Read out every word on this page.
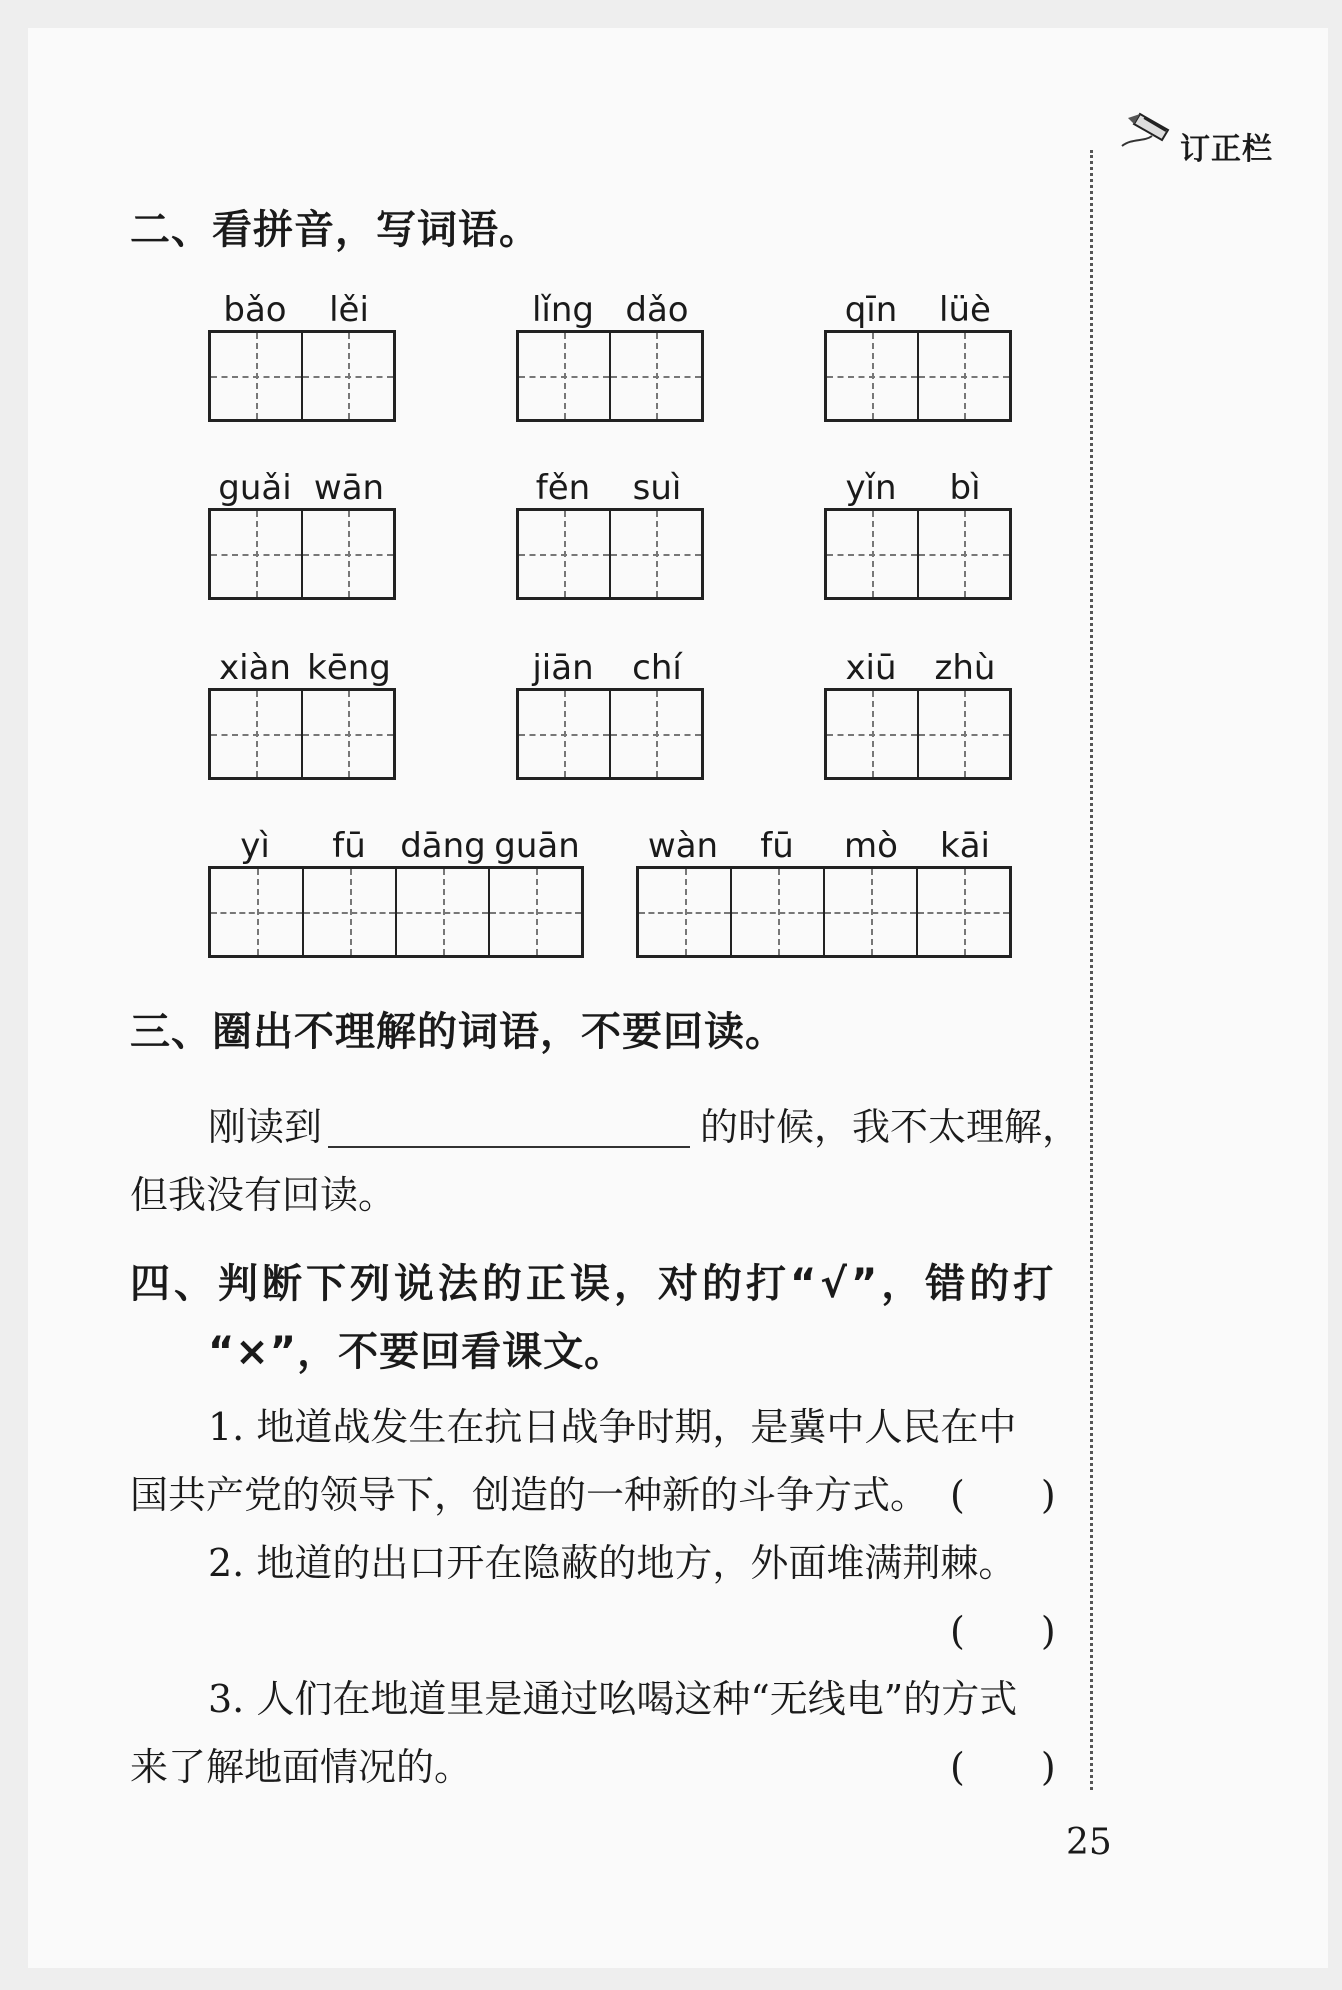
订正栏
二、看拼音，写词语。
bǎo	lěi	lǐng dǎo	qīn	lüè
guǎi wān	fěn	suì	yǐn	bì
xiàn kēng	jiān	chí	xiū	zhù
yì	fū	dāng guān	wàn	fū	mò	kāi
三、圈出不理解的词语，不要回读。
刚读到	的时候，我不太理解，
但我没有回读。
四、判断下列说法的正误，对的打“√”，错的打
“×”，不要回看课文。
1. 地道战发生在抗日战争时期，是冀中人民在中
国共产党的领导下，创造的一种新的斗争方式。 (　　)
2. 地道的出口开在隐蔽的地方，外面堆满荆棘。
(　　)
3. 人们在地道里是通过吆喝这种“无线电”的方式
来了解地面情况的。	(　　)
25
